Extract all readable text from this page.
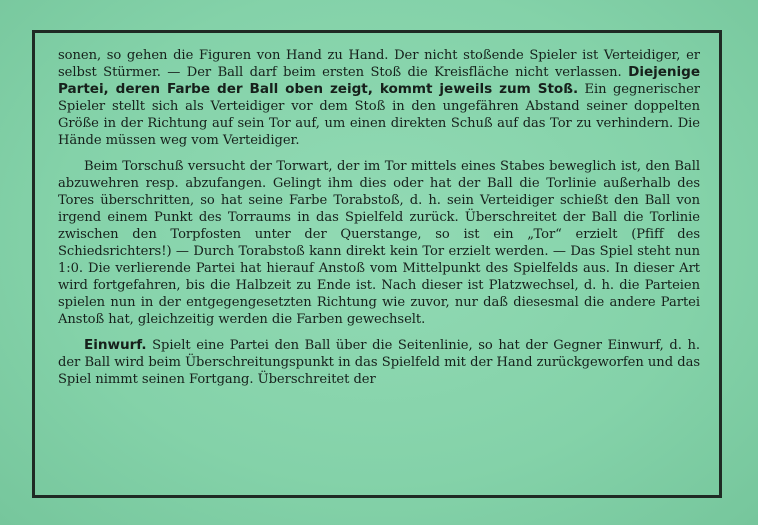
sonen, so gehen die Figuren von Hand zu Hand. Der nicht stoßende Spieler ist Verteidiger, er selbst Stürmer. — Der Ball darf beim ersten Stoß die Kreisfläche nicht verlassen. Diejenige Partei, deren Farbe der Ball oben zeigt, kommt jeweils zum Stoß. Ein gegnerischer Spieler stellt sich als Verteidiger vor dem Stoß in den ungefähren Abstand seiner doppelten Größe in der Richtung auf sein Tor auf, um einen direkten Schuß auf das Tor zu verhindern. Die Hände müssen weg vom Verteidiger.

Beim Torschuß versucht der Torwart, der im Tor mittels eines Stabes beweglich ist, den Ball abzuwehren resp. abzufangen. Gelingt ihm dies oder hat der Ball die Torlinie außerhalb des Tores überschritten, so hat seine Farbe Torabstoß, d. h. sein Verteidiger schießt den Ball von irgend einem Punkt des Torraums in das Spielfeld zurück. Überschreitet der Ball die Torlinie zwischen den Torpfosten unter der Querstange, so ist ein „Tor“ erzielt (Pfiff des Schiedsrichters!) — Durch Torabstoß kann direkt kein Tor erzielt werden. — Das Spiel steht nun 1:0. Die verlierende Partei hat hierauf Anstoß vom Mittelpunkt des Spielfelds aus. In dieser Art wird fortgefahren, bis die Halbzeit zu Ende ist. Nach dieser ist Platzwechsel, d. h. die Parteien spielen nun in der entgegengesetzten Richtung wie zuvor, nur daß diesesmal die andere Partei Anstoß hat, gleichzeitig werden die Farben gewechselt.

Einwurf. Spielt eine Partei den Ball über die Seitenlinie, so hat der Gegner Einwurf, d. h. der Ball wird beim Überschreitungspunkt in das Spielfeld mit der Hand zurückgeworfen und das Spiel nimmt seinen Fortgang. Überschreitet der
